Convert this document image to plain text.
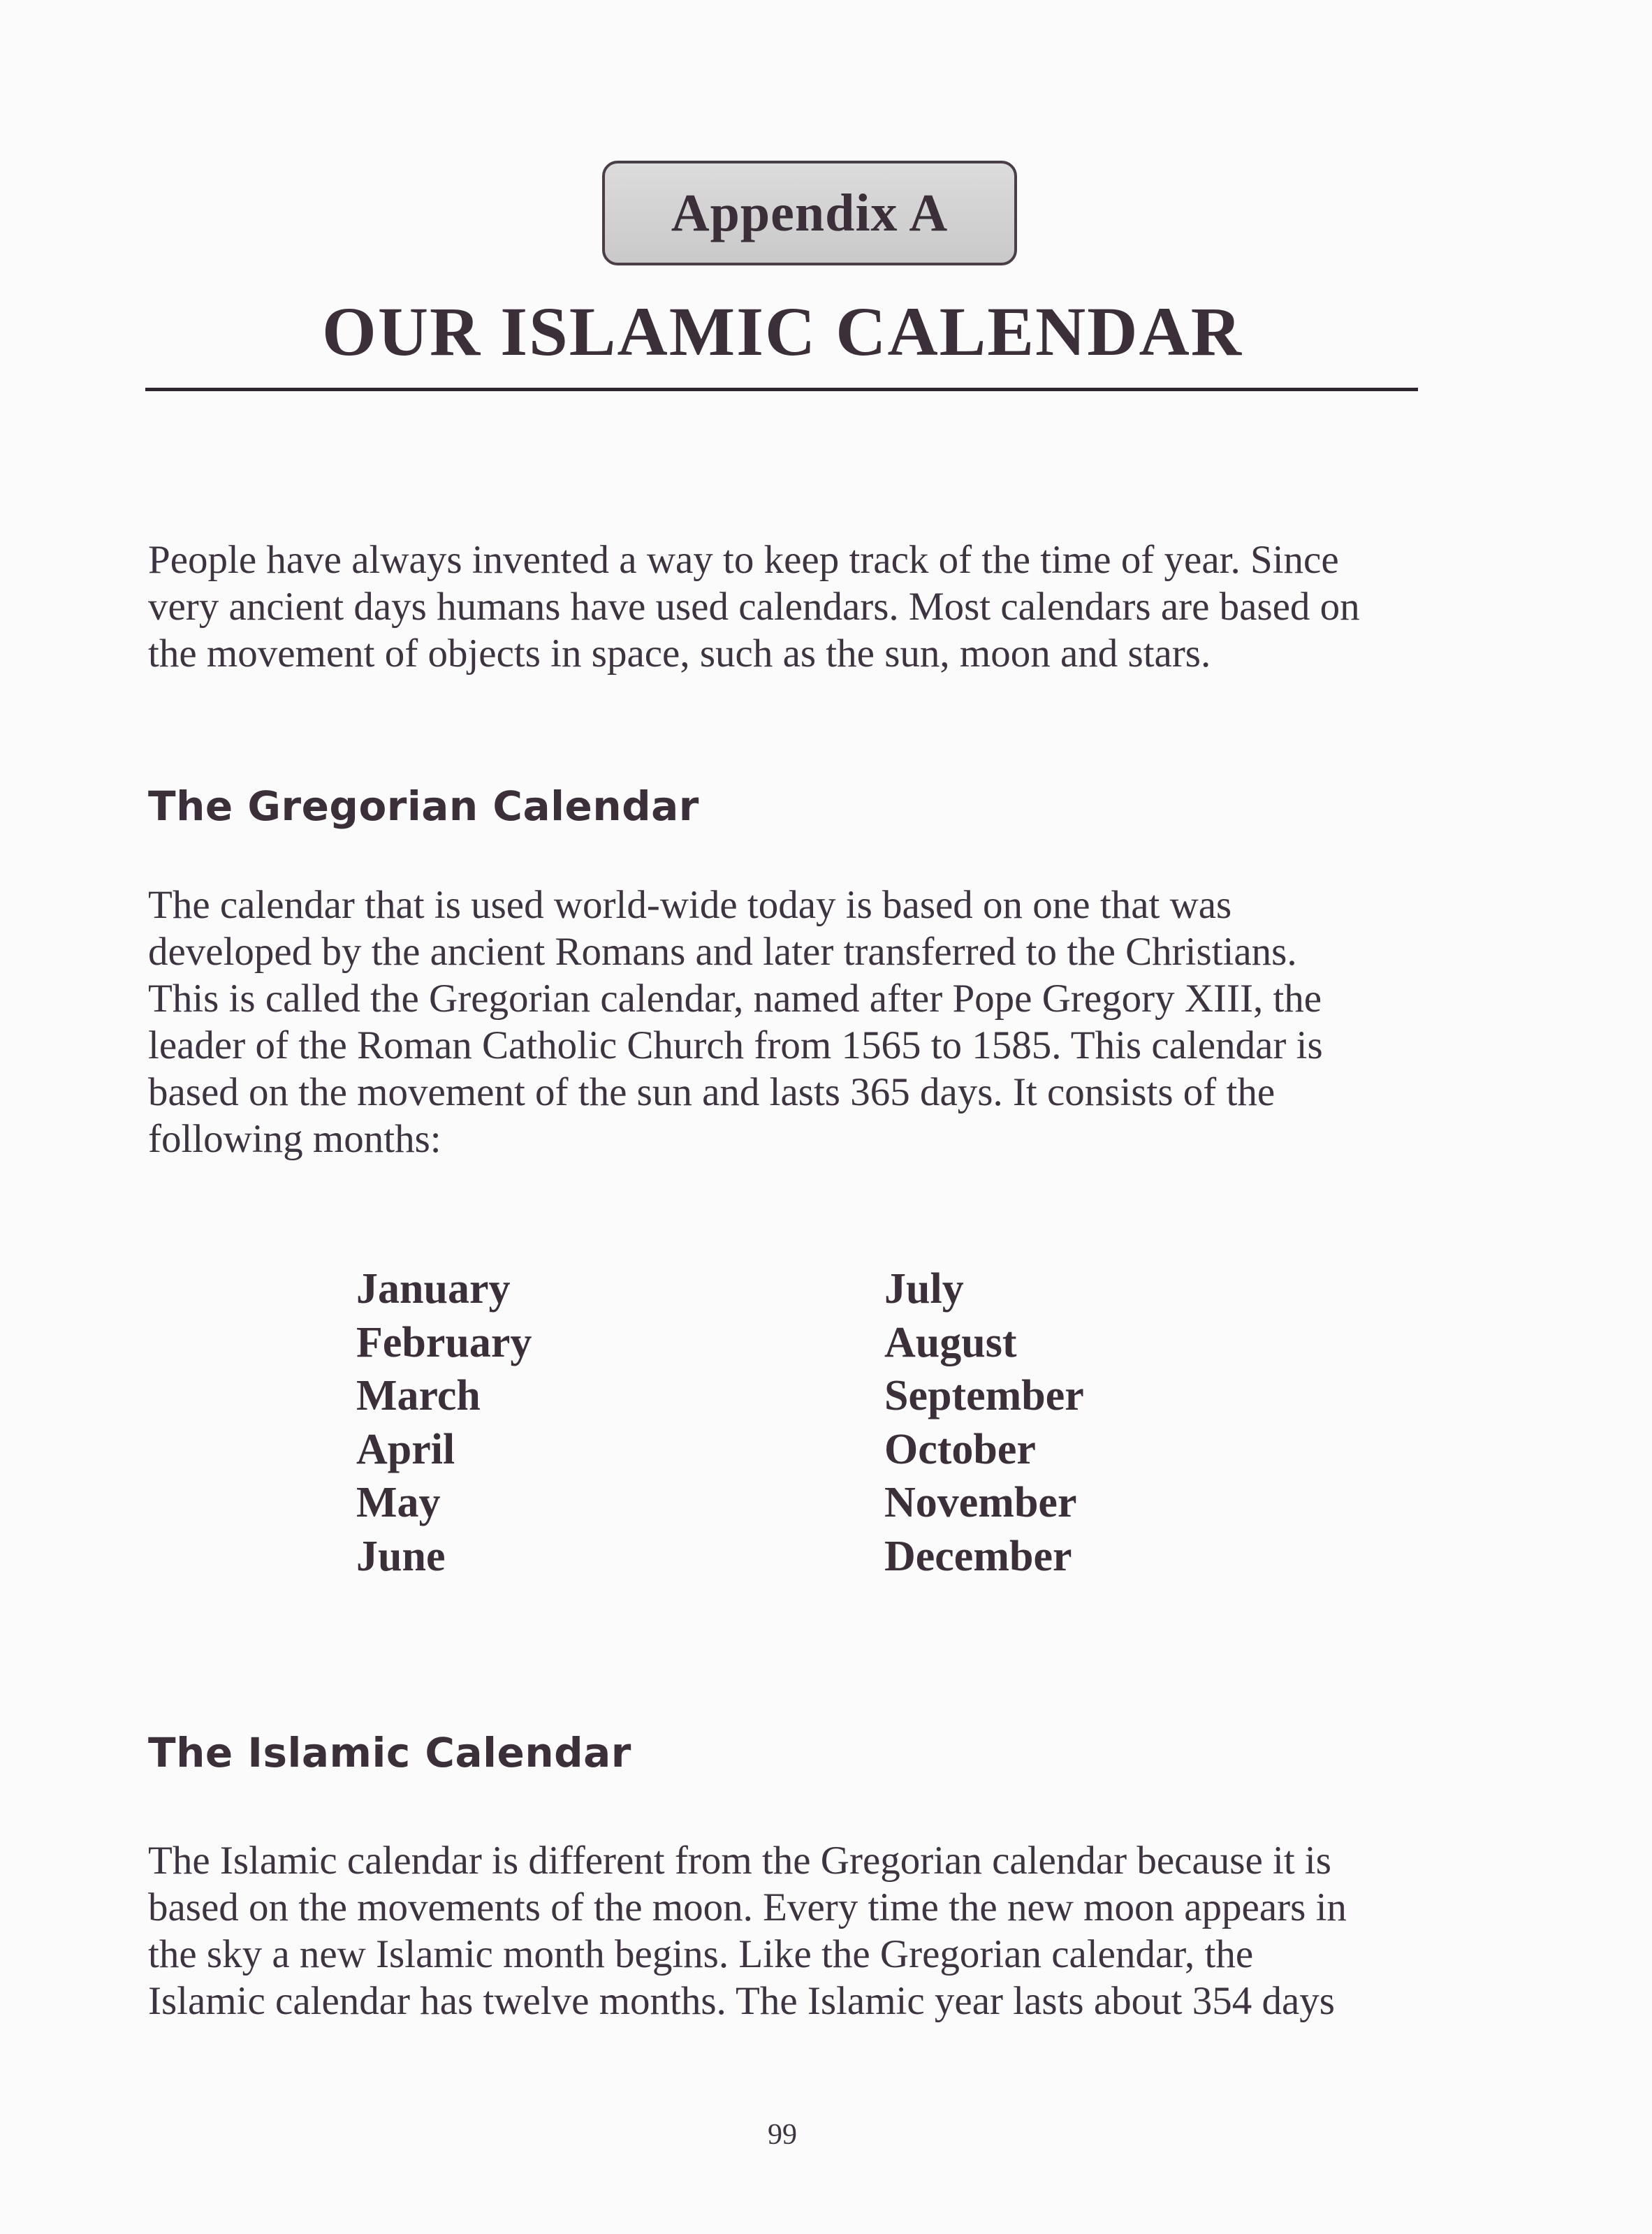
Appendix A
OUR ISLAMIC CALENDAR

People have always invented a way to keep track of the time of year. Since
very ancient days humans have used calendars. Most calendars are based on
the movement of objects in space, such as the sun, moon and stars.

The Gregorian Calendar

The calendar that is used world-wide today is based on one that was
developed by the ancient Romans and later transferred to the Christians.
This is called the Gregorian calendar, named after Pope Gregory XIII, the
leader of the Roman Catholic Church from 1565 to 1585. This calendar is
based on the movement of the sun and lasts 365 days. It consists of the
following months:

January
February
March
April
May
June
July
August
September
October
November
December
The Islamic Calendar

The Islamic calendar is different from the Gregorian calendar because it is
based on the movements of the moon. Every time the new moon appears in
the sky a new Islamic month begins. Like the Gregorian calendar, the
Islamic calendar has twelve months. The Islamic year lasts about 354 days

99
